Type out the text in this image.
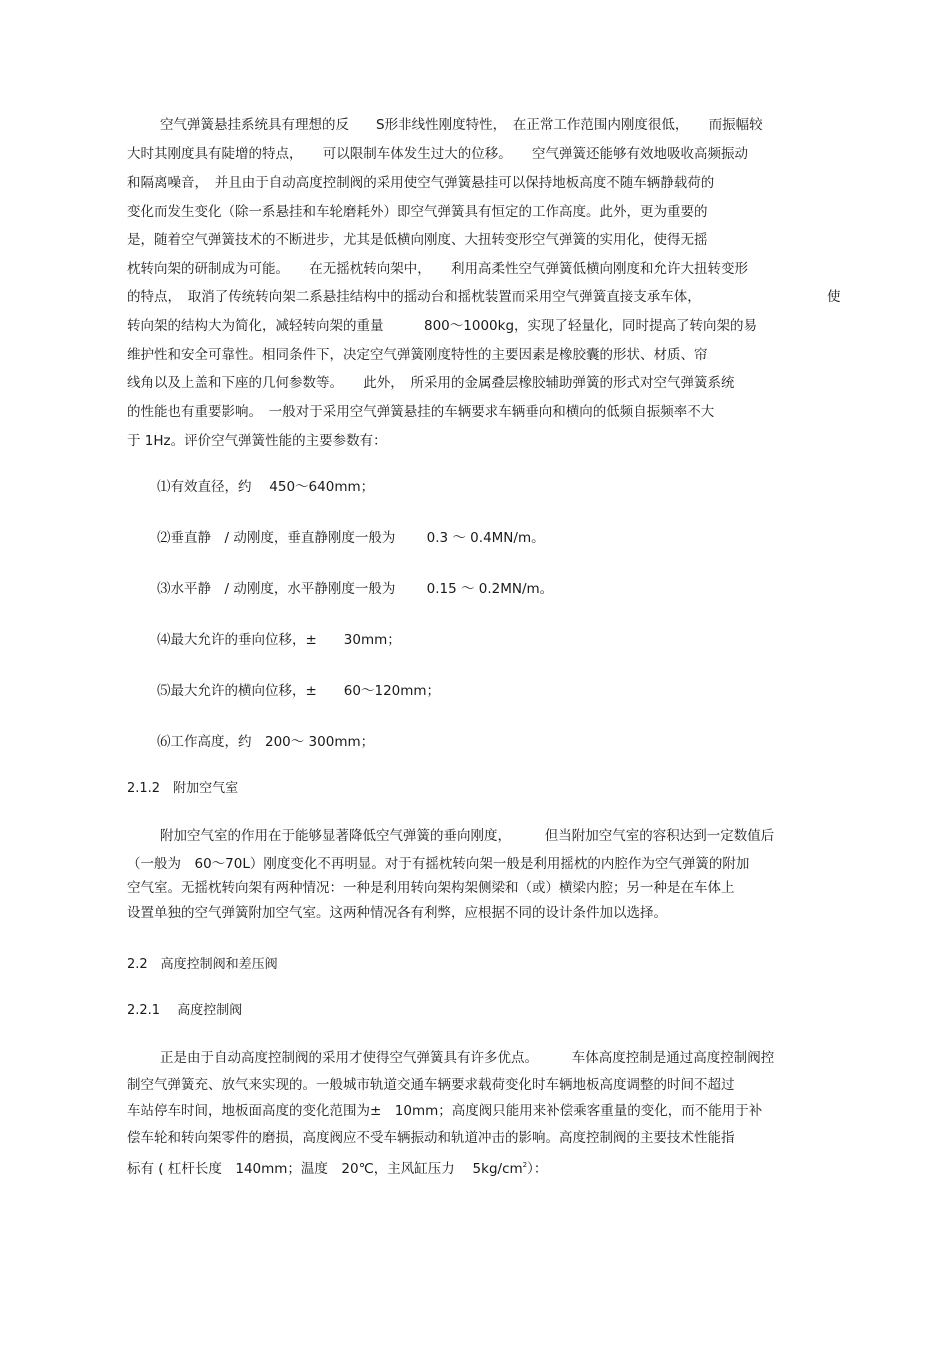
空气弹簧悬挂系统具有理想的反　　S形非线性刚度特性，　在正常工作范围内刚度很低，　　而振幅较
大时其刚度具有陡增的特点，　　可以限制车体发生过大的位移。　　空气弹簧还能够有效地吸收高频振动
和隔离噪音，　并且由于自动高度控制阀的采用使空气弹簧悬挂可以保持地板高度不随车辆静载荷的
变化而发生变化（除一系悬挂和车轮磨耗外）即空气弹簧具有恒定的工作高度。此外，更为重要的
是，随着空气弹簧技术的不断进步，尤其是低横向刚度、大扭转变形空气弹簧的实用化，使得无摇
枕转向架的研制成为可能。　　在无摇枕转向架中，　　利用高柔性空气弹簧低横向刚度和允许大扭转变形
的特点，　取消了传统转向架二系悬挂结构中的摇动台和摇枕装置而采用空气弹簧直接支承车体，	使
转向架的结构大为简化，减轻转向架的重量　　　800～1000kg，实现了轻量化，同时提高了转向架的易
维护性和安全可靠性。相同条件下，决定空气弹簧刚度特性的主要因素是橡胶囊的形状、材质、帘
线角以及上盖和下座的几何参数等。　　此外，　所采用的金属叠层橡胶辅助弹簧的形式对空气弹簧系统
的性能也有重要影响。　一般对于采用空气弹簧悬挂的车辆要求车辆垂向和横向的低频自振频率不大
于 1Hz。评价空气弹簧性能的主要参数有：
⑴有效直径，约　 450～640mm；
⑵垂直静　/ 动刚度，垂直静刚度一般为　　 0.3 ～ 0.4MN/m。
⑶水平静　/ 动刚度，水平静刚度一般为　　 0.15 ～ 0.2MN/m。
⑷最大允许的垂向位移，±　　30mm；
⑸最大允许的横向位移，±　　60～120mm；
⑹工作高度，约　200～ 300mm；
2.1.2　附加空气室
附加空气室的作用在于能够显著降低空气弹簧的垂向刚度，　　　但当附加空气室的容积达到一定数值后
（一般为　60～70L）刚度变化不再明显。对于有摇枕转向架一般是利用摇枕的内腔作为空气弹簧的附加
空气室。无摇枕转向架有两种情况：一种是利用转向架构架侧梁和（或）横梁内腔；另一种是在车体上
设置单独的空气弹簧附加空气室。这两种情况各有利弊，应根据不同的设计条件加以选择。
2.2　高度控制阀和差压阀
2.2.1　 高度控制阀
正是由于自动高度控制阀的采用才使得空气弹簧具有许多优点。　　　车体高度控制是通过高度控制阀控
制空气弹簧充、放气来实现的。一般城市轨道交通车辆要求载荷变化时车辆地板高度调整的时间不超过
车站停车时间，地板面高度的变化范围为±　10mm；高度阀只能用来补偿乘客重量的变化，而不能用于补
偿车轮和转向架零件的磨损，高度阀应不受车辆振动和轨道冲击的影响。高度控制阀的主要技术性能指
标有 ( 杠杆长度　140mm；温度　20℃，主风缸压力　 $5kg/cm^2$）：
